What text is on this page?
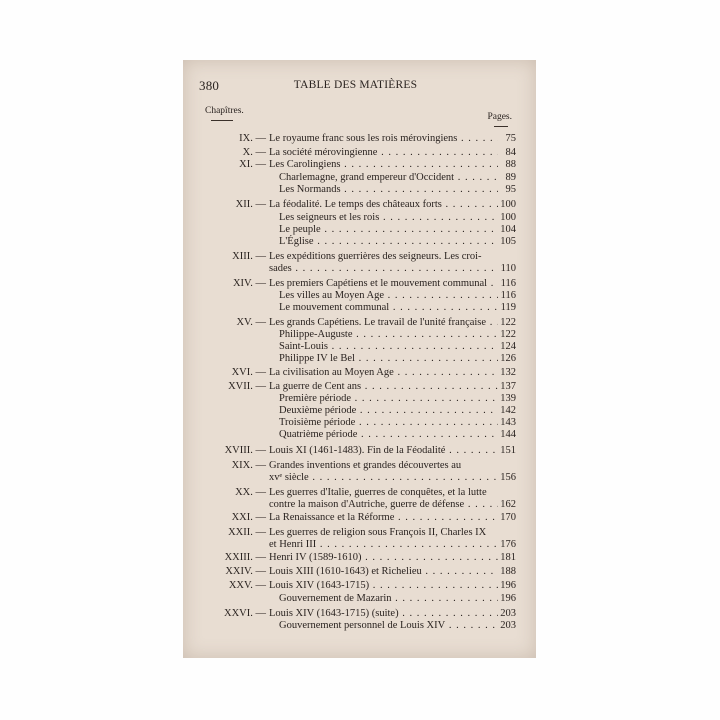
380	TABLE DES MATIÈRES
Chapîtres.
Pages.
IX. — Le royaume franc sous les rois mérovingiens . . .	75
X. — La société mérovingienne . . .	84
XI. — Les Carolingiens . . .	88
Charlemagne, grand empereur d'Occident . . .	89
Les Normands . . .	95
XII. — La féodalité. Le temps des châteaux forts . . .	100
Les seigneurs et les rois . . .	100
Le peuple . . .	104
L'Église . . .	105
XIII. — Les expéditions guerrières des seigneurs. Les croi-
sades . . .	110
XIV. — Les premiers Capétiens et le mouvement communal . . .	116
Les villes au Moyen Age . . .	116
Le mouvement communal . . .	119
XV. — Les grands Capétiens. Le travail de l'unité française . . .	122
Philippe-Auguste . . .	122
Saint-Louis . . .	124
Philippe IV le Bel . . .	126
XVI. — La civilisation au Moyen Age . . .	132
XVII. — La guerre de Cent ans . . .	137
Première période . . .	139
Deuxième période . . .	142
Troisième période . . .	143
Quatrième période . . .	144
XVIII. — Louis XI (1461-1483). Fin de la Féodalité . . .	151
XIX. — Grandes inventions et grandes découvertes au
xvᵉ siècle . . .	156
XX. — Les guerres d'Italie, guerres de conquêtes, et la lutte
contre la maison d'Autriche, guerre de défense . . .	162
XXI. — La Renaissance et la Réforme . . .	170
XXII. — Les guerres de religion sous François II, Charles IX
et Henri III . . .	176
XXIII. — Henri IV (1589-1610) . . .	181
XXIV. — Louis XIII (1610-1643) et Richelieu . . .	188
XXV. — Louis XIV (1643-1715) . . .	196
Gouvernement de Mazarin . . .	196
XXVI. — Louis XIV (1643-1715) (suite) . . .	203
Gouvernement personnel de Louis XIV . . .	203
